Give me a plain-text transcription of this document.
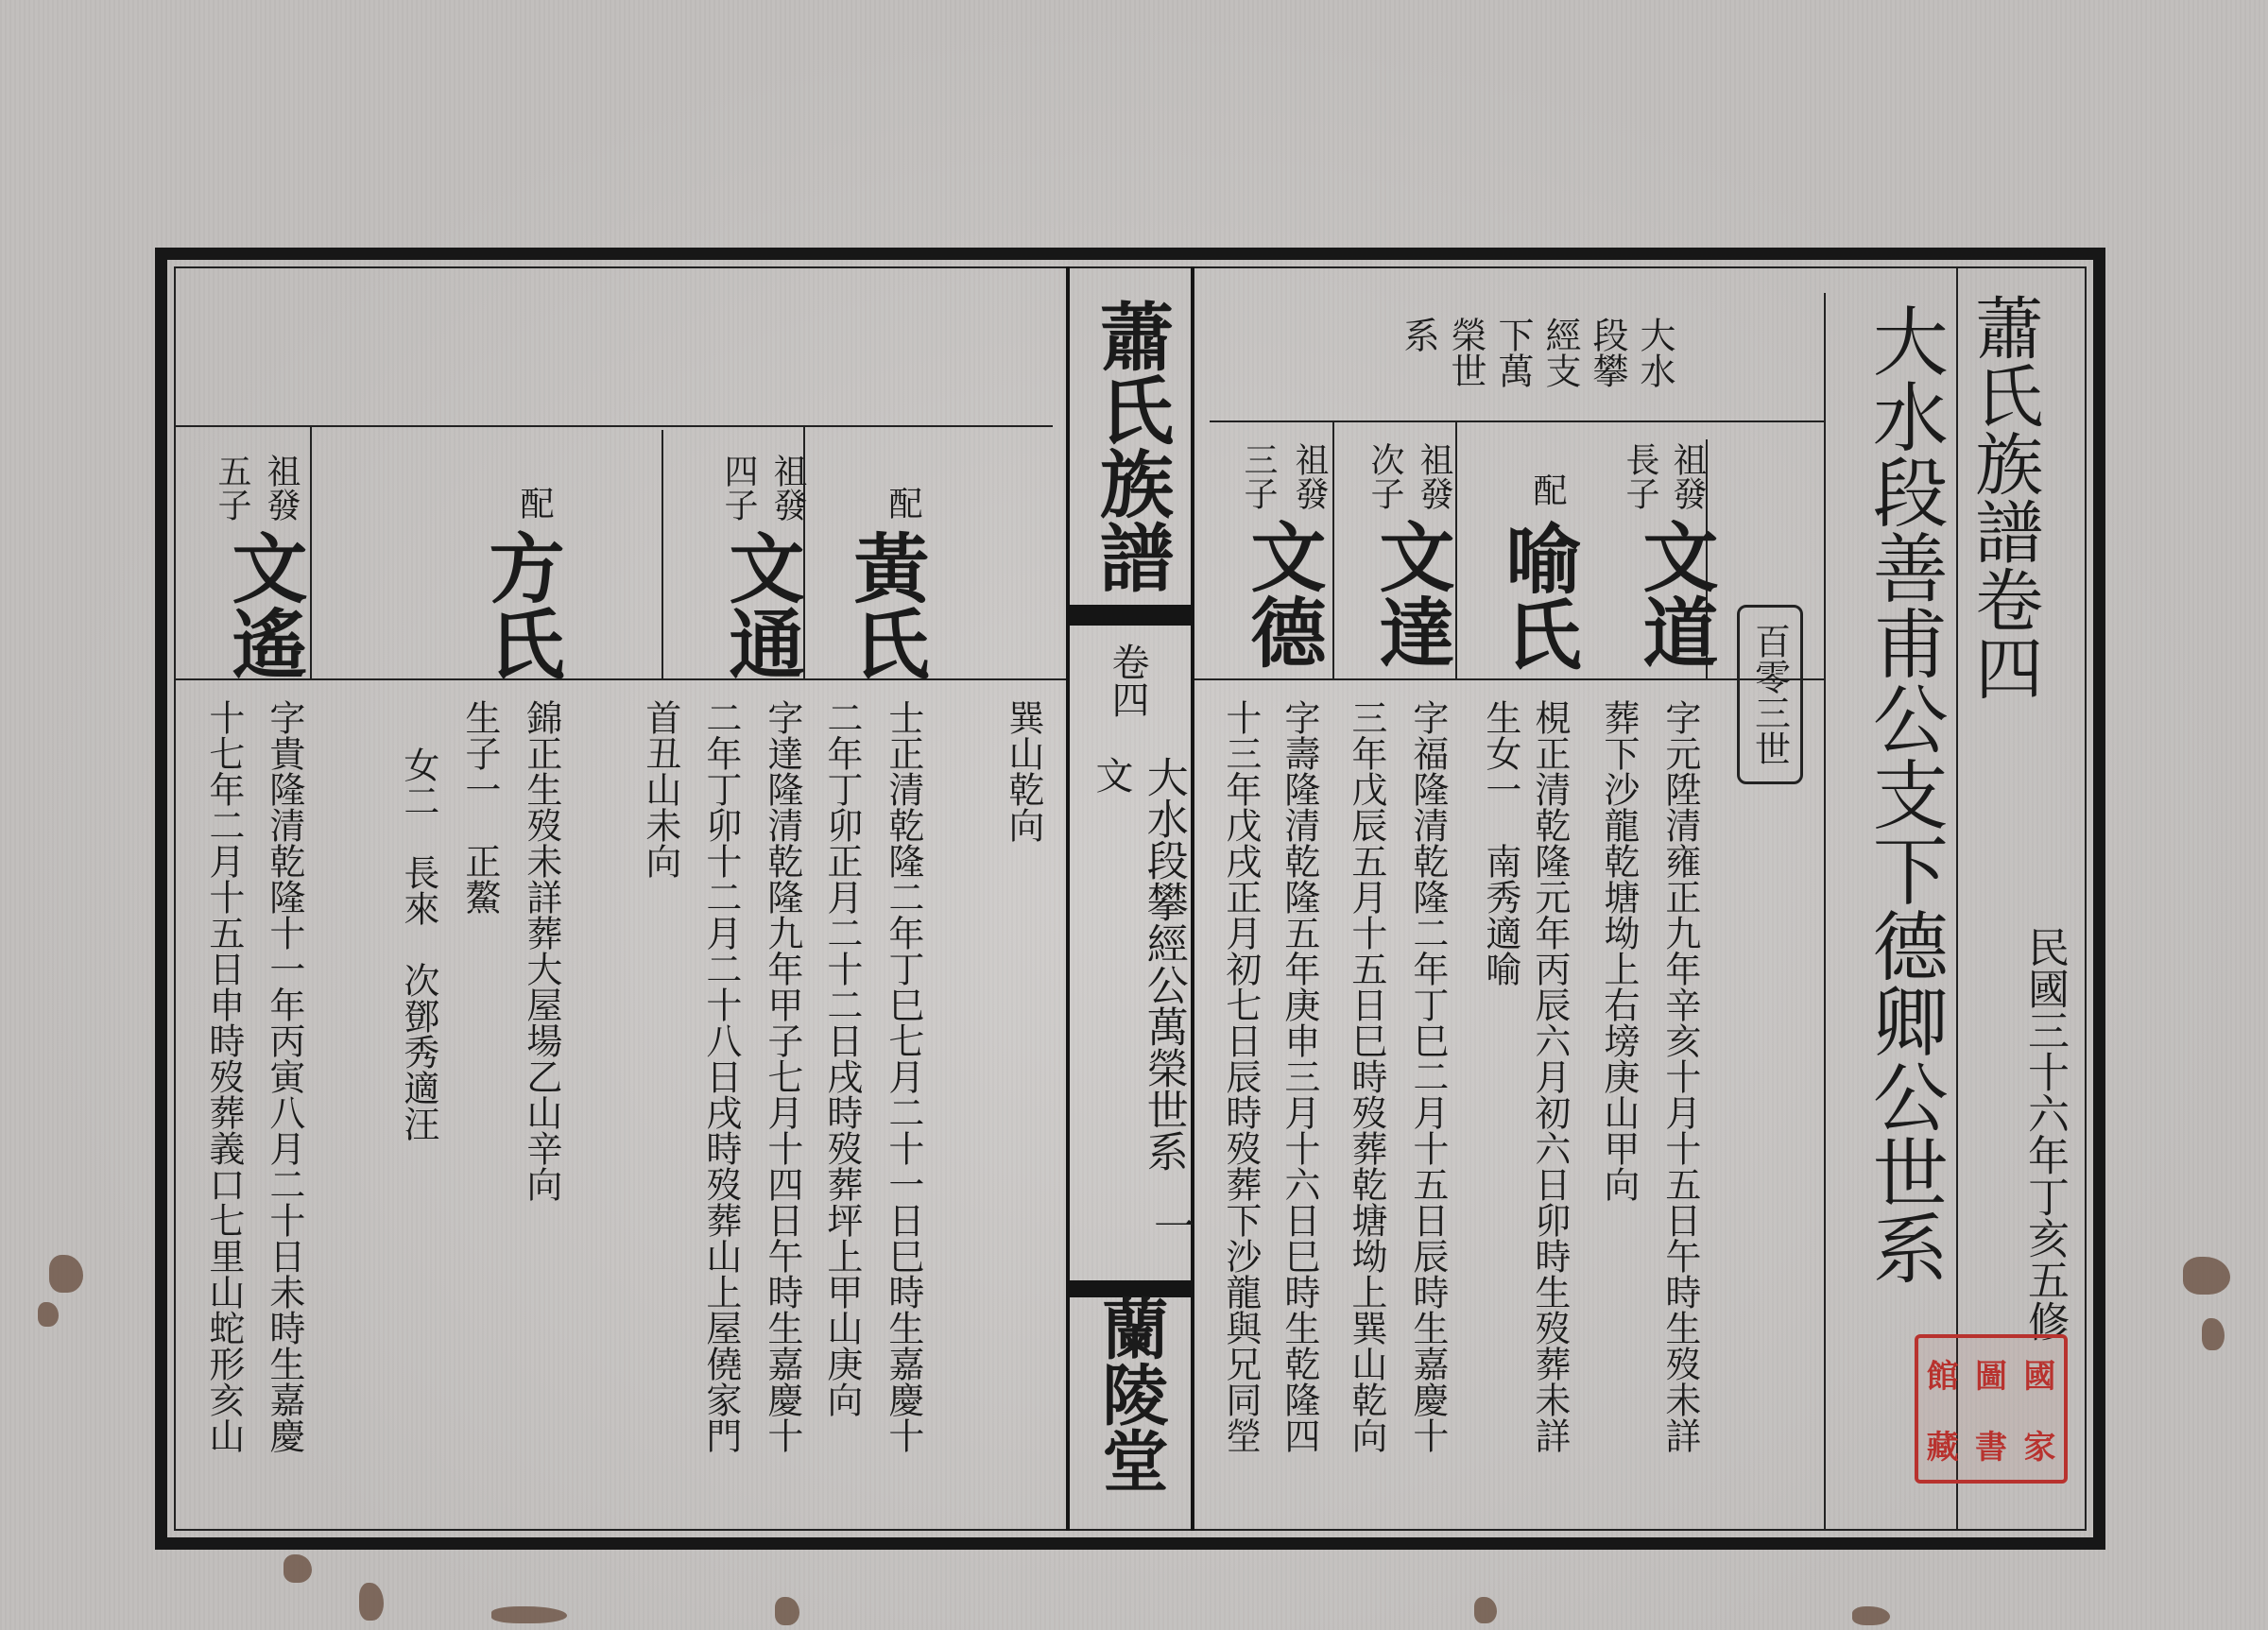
蕭氏族譜
卷四
文 大水段攀經公萬榮世系
一
蘭陵堂
蕭氏族譜卷四
民國三十六年丁亥五修
大水段善甫公支下德卿公世系
百零三世
大水
段攀
經支
下萬
榮世
系
祖發
長子
文道
字元陞清雍正九年辛亥十月十五日午時生歿未詳
葬下沙龍乾塘坳上右塝庚山甲向
配
喻氏
梘正清乾隆元年丙辰六月初六日卯時生歿葬未詳
生女一　南秀適喻
祖發
次子
文達
字福隆清乾隆二年丁巳二月十五日辰時生嘉慶十
三年戊辰五月十五日巳時歿葬乾塘坳上巽山乾向
祖發
三子
文德
字壽隆清乾隆五年庚申三月十六日巳時生乾隆四
十三年戊戌正月初七日辰時歿葬下沙龍與兄同塋
祖發
五子
文遙
字貴隆清乾隆十一年丙寅八月二十日未時生嘉慶
十七年二月十五日申時歿葬義口七里山蛇形亥山	巽山乾向
配
黃氏
士正清乾隆二年丁巳七月二十一日巳時生嘉慶十
二年丁卯正月二十二日戌時歿葬坪上甲山庚向
祖發
四子
文通
字達隆清乾隆九年甲子七月十四日午時生嘉慶十
二年丁卯十二月二十八日戌時歿葬山上屋僥家門
首丑山未向
配
方氏
錦正生歿未詳葬大屋場乙山辛向
生子一　正鰲
女二　長來　次鄧秀適汪
館 圖 國
藏 書 家
